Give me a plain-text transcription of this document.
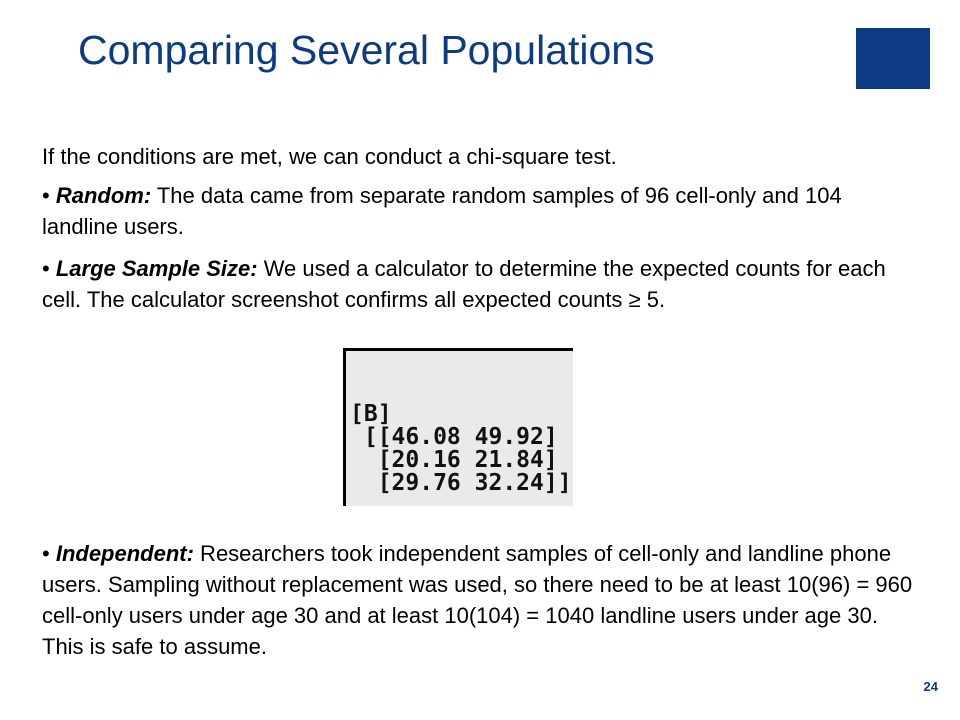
Comparing Several Populations

If the conditions are met, we can conduct a chi-square test.

• Random: The data came from separate random samples of 96 cell-only and 104 landline users.

• Large Sample Size: We used a calculator to determine the expected counts for each cell. The calculator screenshot confirms all expected counts ≥ 5.

[B]
[[46.08 49.92]
[20.16 21.84]
[29.76 32.24]]

• Independent: Researchers took independent samples of cell-only and landline phone users. Sampling without replacement was used, so there need to be at least 10(96) = 960 cell-only users under age 30 and at least 10(104) = 1040 landline users under age 30. This is safe to assume.

24
